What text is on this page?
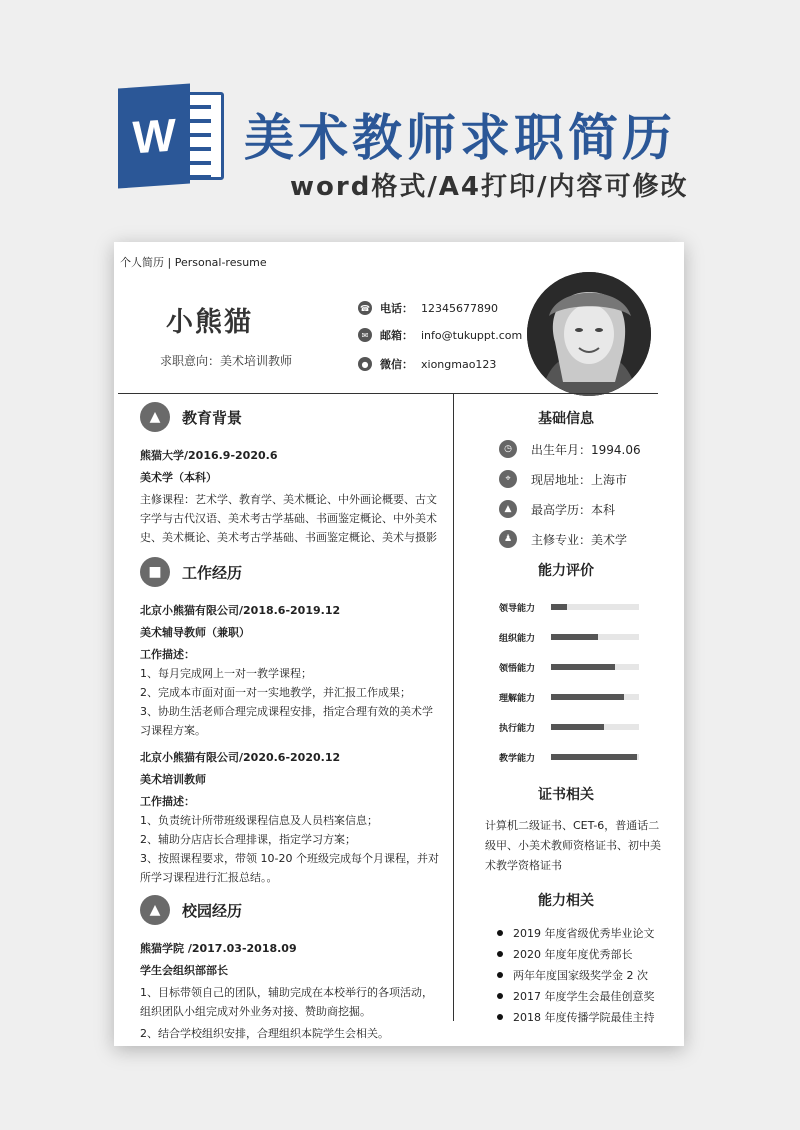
W 美术教师求职简历
word格式/A4打印/内容可修改
个人简历 | Personal-resume
小熊猫
求职意向：美术培训教师
☎ 电话： 12345677890
✉	邮箱： info@tukuppt.com
●	微信： xiongmao123
▲	教育背景
熊猫大学/2016.9-2020.6
美术学（本科）
主修课程：艺术学、教育学、美术概论、中外画论概要、古文字学与古代汉语、美术考古学基础、书画鉴定概论、中外美术史、美术概论、美术考古学基础、书画鉴定概论、美术与摄影
■	工作经历
北京小熊猫有限公司/2018.6-2019.12
美术辅导教师（兼职）
工作描述：
1、每月完成网上一对一教学课程；
2、完成本市面对面一对一实地教学，并汇报工作成果；
3、协助生活老师合理完成课程安排，指定合理有效的美术学习课程方案。
北京小熊猫有限公司/2020.6-2020.12
美术培训教师
工作描述：
1、负责统计所带班级课程信息及人员档案信息；
2、辅助分店店长合理排课，指定学习方案；
3、按照课程要求，带领 10-20 个班级完成每个月课程，并对所学习课程进行汇报总结。。
▲	校园经历
熊猫学院 /2017.03-2018.09
学生会组织部部长
1、目标带领自己的团队，辅助完成在本校举行的各项活动，组织团队小组完成对外业务对接、赞助商挖掘。
2、结合学校组织安排，合理组织本院学生会相关。
基础信息
◷	出生年月：1994.06
⌖	现居地址：上海市
▲	最高学历：本科
♟	主修专业：美术学
能力评价
领导能力
组织能力
领悟能力
理解能力
执行能力
教学能力
证书相关
计算机二级证书、CET-6，普通话二级甲、小美术教师资格证书、初中美术教学资格证书
能力相关
2019 年度省级优秀毕业论文
2020 年度年度优秀部长
两年年度国家级奖学金 2 次
2017 年度学生会最佳创意奖
2018 年度传播学院最佳主持
